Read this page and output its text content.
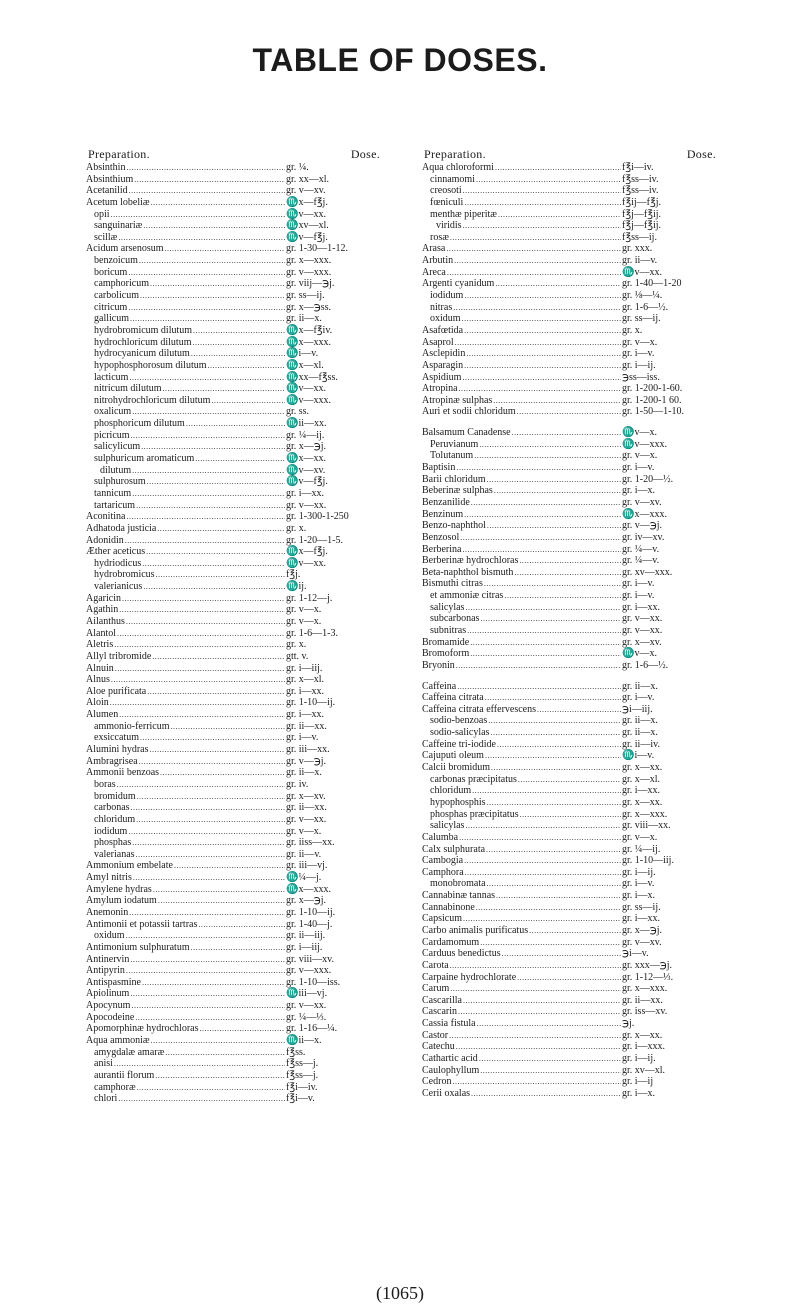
TABLE OF DOSES.
Preparation.	Dose.
Absinthin .....	gr. ¼.
Absinthium .....	gr. xx—xl.
Acetanilid .....	gr. v—xv.
Acetum lobeliæ .....	♏x—f℥j.
opii .....	♏v—xx.
sanguinariæ .....	♏xv—xl.
scillæ .....	♏v—f℥j.
Acidum arsenosum .....	gr. 1-30—1-12.
benzoicum .....	gr. x—xxx.
boricum .....	gr. v—xxx.
camphoricum .....	gr. viij—℈j.
carbolicum .....	gr. ss—ij.
citricum .....	gr. x—℈ss.
gallicum .....	gr. ii—x.
hydrobromicum dilutum .....	♏x—f℥iv.
hydrochloricum dilutum .....	♏x—xxx.
hydrocyanicum dilutum .....	♏i—v.
hypophosphorosum dilutum .....	♏x—xl.
lacticum .....	♏xx—f℥ss.
nitricum dilutum .....	♏v—xx.
nitrohydrochloricum dilutum .....	♏v—xxx.
oxalicum .....	gr. ss.
phosphoricum dilutum .....	♏ii—xx.
picricum .....	gr. ¼—ij.
salicylicum .....	gr. x—℈j.
sulphuricum aromaticum .....	♏x—xx.
dilutum .....	♏v—xv.
sulphurosum .....	♏v—f℥j.
tannicum .....	gr. i—xx.
tartaricum .....	gr. v—xx.
Aconitina .....	gr. 1-300-1-250
Adhatoda justicia .....	gr. x.
Adonidin .....	gr. 1-20—1-5.
Æther aceticus .....	♏x—f℥j.
hydriodicus .....	♏v—xx.
hydrobromicus .....	f℥j.
valerianicus .....	♏ij.
Agaricin .....	gr. 1-12—j.
Agathin .....	gr. v—x.
Ailanthus .....	gr. v—x.
Alantol .....	gr. 1-6—1-3.
Aletris .....	gr. x.
Allyl tribromide .....	gtt. v.
Alnuin .....	gr. i—iij.
Alnus .....	gr. x—xl.
Aloe purificata .....	gr. i—xx.
Aloin .....	gr. 1-10—ij.
Alumen .....	gr. i—xx.
ammonio-ferricum .....	gr. ii—xx.
exsiccatum .....	gr. i—v.
Alumini hydras .....	gr. iii—xx.
Ambragrisea .....	gr. v—℈j.
Ammonii benzoas .....	gr. ii—x.
boras .....	gr. iv.
bromidum .....	gr. x—xv.
carbonas .....	gr. ii—xx.
chloridum .....	gr. v—xx.
iodidum .....	gr. v—x.
phosphas .....	gr. iiss—xx.
valerianas .....	gr. ii—v.
Ammonium embelate .....	gr. iii—vj.
Amyl nitris .....	♏¼—j.
Amylene hydras .....	♏x—xxx.
Amylum iodatum .....	gr. x—℈j.
Anemonin .....	gr. 1-10—ij.
Antimonii et potassii tartras .....	gr. 1-40—j.
oxidum .....	gr. ii—iij.
Antimonium sulphuratum .....	gr. i—iij.
Antinervin .....	gr. viii—xv.
Antipyrin .....	gr. v—xxx.
Antispasmine .....	gr. 1-10—iss.
Apiolinum .....	♏iii—vj.
Apocynum .....	gr. v—xx.
Apocodeine .....	gr. ¼—⅓.
Apomorphinæ hydrochloras .....	gr. 1-16—¼.
Aqua ammoniæ .....	♏ii—x.
amygdalæ amaræ .....	f℥ss.
anisi .....	f℥ss—j.
aurantii florum .....	f℥ss—j.
camphoræ .....	f℥i—iv.
chlori .....	f℥i—v.
Preparation.	Dose.
Aqua chloroformi .....	f℥i—iv.
cinnamomi .....	f℥ss—iv.
creosoti .....	f℥ss—iv.
fœniculi .....	f℥ij—f℥j.
menthæ piperitæ .....	f℥j—f℥ij.
viridis .....	f℥j—f℥ij.
rosæ .....	f℥ss—ij.
Arasa .....	gr. xxx.
Arbutin .....	gr. ii—v.
Areca .....	♏v—xx.
Argenti cyanidum .....	gr. 1-40—1-20
iodidum .....	gr. ⅛—¼.
nitras .....	gr. 1-6—½.
oxidum .....	gr. ss—ij.
Asafœtida .....	gr. x.
Asaprol .....	gr. v—x.
Asclepidin .....	gr. i—v.
Asparagin .....	gr. i—ij.
Aspidium .....	℈ss—iss.
Atropina .....	gr. 1-200-1-60.
Atropinæ sulphas .....	gr. 1-200-1 60.
Auri et sodii chloridum .....	gr. 1-50—1-10.
Balsamum Canadense .....	♏v—x.
Peruvianum .....	♏v—xxx.
Tolutanum .....	gr. v—x.
Baptisin .....	gr. i—v.
Barii chloridum .....	gr. 1-20—½.
Beberinæ sulphas .....	gr. i—x.
Benzanilide .....	gr. v—xv.
Benzinum .....	♏x—xxx.
Benzo-naphthol .....	gr. v—℈j.
Benzosol .....	gr. iv—xv.
Berberina .....	gr. ¼—v.
Berberinæ hydrochloras .....	gr. ¼—v.
Beta-naphthol bismuth .....	gr. xv—xxx.
Bismuthi citras .....	gr. i—v.
et ammoniæ citras .....	gr. i—v.
salicylas .....	gr. i—xx.
subcarbonas .....	gr. v—xx.
subnitras .....	gr. v—xx.
Bromamide .....	gr. x—xv.
Bromoform .....	♏v—x.
Bryonin .....	gr. 1-6—½.
Caffeina .....	gr. ii—x.
Caffeina citrata .....	gr. i—v.
Caffeina citrata effervescens .....	℈i—iij.
sodio-benzoas .....	gr. ii—x.
sodio-salicylas .....	gr. ii—x.
Caffeine tri-iodide .....	gr. ii—iv.
Cajuputi oleum .....	♏i—v.
Calcii bromidum .....	gr. x—xx.
carbonas præcipitatus .....	gr. x—xl.
chloridum .....	gr. i—xx.
hypophosphis .....	gr. x—xx.
phosphas præcipitatus .....	gr. x—xxx.
salicylas .....	gr. viii—xx.
Calumba .....	gr. v—x.
Calx sulphurata .....	gr. ¼—ij.
Cambogia .....	gr. 1-10—iij.
Camphora .....	gr. i—ij.
monobromata .....	gr. i—v.
Cannabinæ tannas .....	gr. i—x.
Cannabinone .....	gr. ss—ij.
Capsicum .....	gr. i—xx.
Carbo animalis purificatus .....	gr. x—℈j.
Cardamomum .....	gr. v—xv.
Carduus benedictus .....	℈i—v.
Carota .....	gr. xxx—℈j.
Carpaine hydrochlorate .....	gr. 1-12—⅓.
Carum .....	gr. x—xxx.
Cascarilla .....	gr. ii—xx.
Cascarin .....	gr. iss—xv.
Cassia fistula .....	℈j.
Castor .....	gr. x—xx.
Catechu .....	gr. i—xxx.
Cathartic acid .....	gr. i—ij.
Caulophyllum .....	gr. xv—xl.
Cedron .....	gr. i—ij
Cerii oxalas .....	gr. i—x.
(1065)
